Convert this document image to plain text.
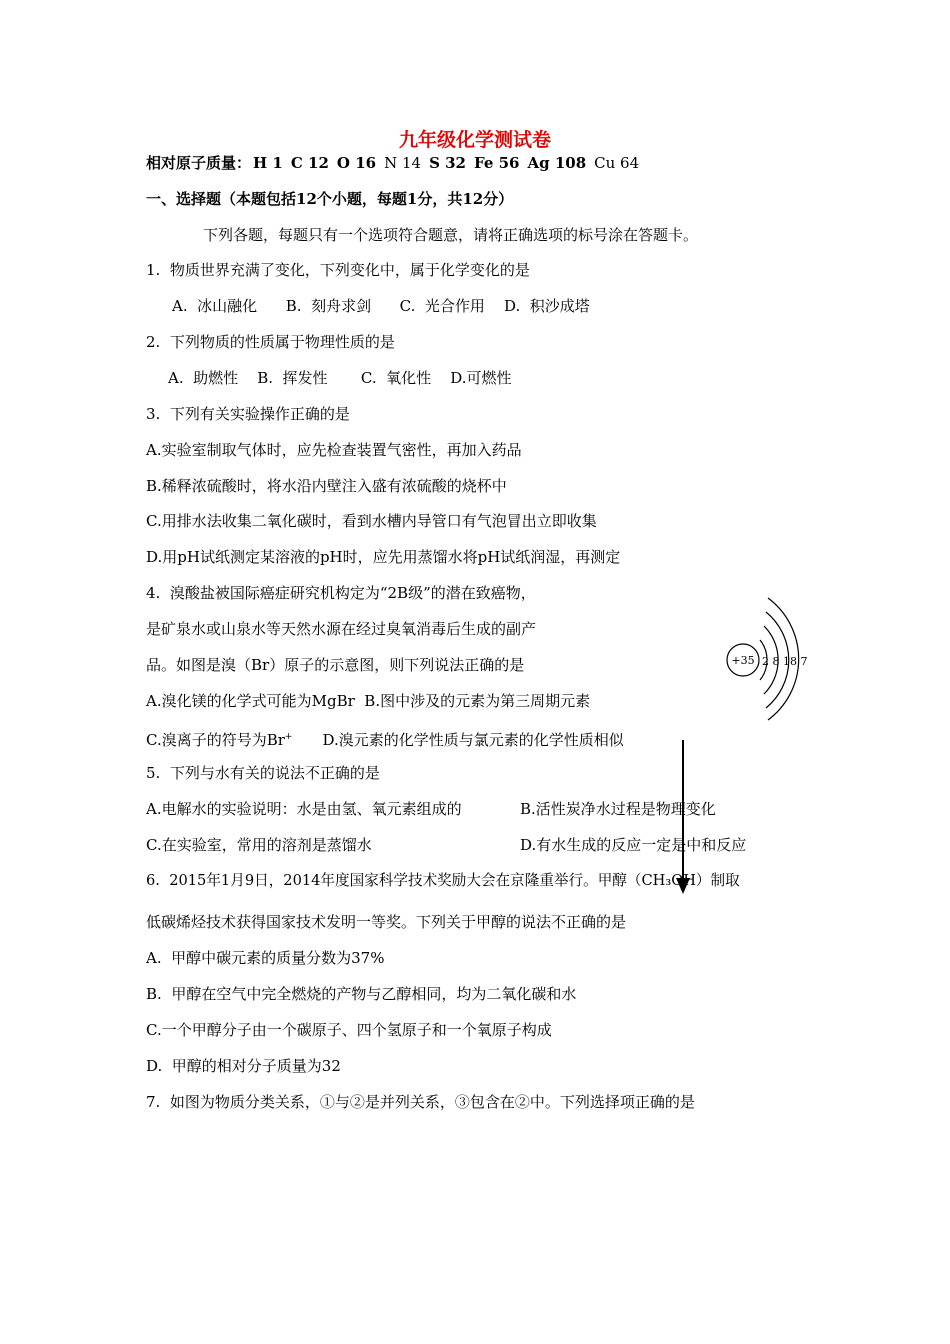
九年级化学测试卷
相对原子质量： H 1 C 12 O 16 N 14 S 32 Fe 56 Ag 108 Cu 64
一、选择题（本题包括12个小题，每题1分，共12分）
下列各题，每题只有一个选项符合题意，请将正确选项的标号涂在答题卡。
1.  物质世界充满了变化，下列变化中，属于化学变化的是
A.  冰山融化      B.  刻舟求剑      C.  光合作用    D.  积沙成塔
2.  下列物质的性质属于物理性质的是
A.  助燃性    B.  挥发性       C.  氧化性    D.可燃性
3.  下列有关实验操作正确的是
A.实验室制取气体时，应先检查装置气密性，再加入药品
B.稀释浓硫酸时，将水沿内壁注入盛有浓硫酸的烧杯中
C.用排水法收集二氧化碳时，看到水槽内导管口有气泡冒出立即收集
D.用pH试纸测定某溶液的pH时，应先用蒸馏水将pH试纸润湿，再测定
4.  溴酸盐被国际癌症研究机构定为“2B级”的潜在致癌物，
是矿泉水或山泉水等天然水源在经过臭氧消毒后生成的副产
品。如图是溴（Br）原子的示意图，则下列说法正确的是
A.溴化镁的化学式可能为MgBr  B.图中涉及的元素为第三周期元素
C.溴离子的符号为Br+ D.溴元素的化学性质与氯元素的化学性质相似
+35 2 8 18 7
5.  下列与水有关的说法不正确的是
A.电解水的实验说明：水是由氢、氧元素组成的	B.活性炭净水过程是物理变化
C.在实验室，常用的溶剂是蒸馏水	D.有水生成的反应一定是中和反应
6.  2015年1月9日，2014年度国家科学技术奖励大会在京隆重举行。甲醇（CH₃OH）制取
低碳烯烃技术获得国家技术发明一等奖。下列关于甲醇的说法不正确的是
A.  甲醇中碳元素的质量分数为37%
B.  甲醇在空气中完全燃烧的产物与乙醇相同，均为二氧化碳和水
C.一个甲醇分子由一个碳原子、四个氢原子和一个氧原子构成
D.  甲醇的相对分子质量为32
7.  如图为物质分类关系，①与②是并列关系，③包含在②中。下列选择项正确的是
